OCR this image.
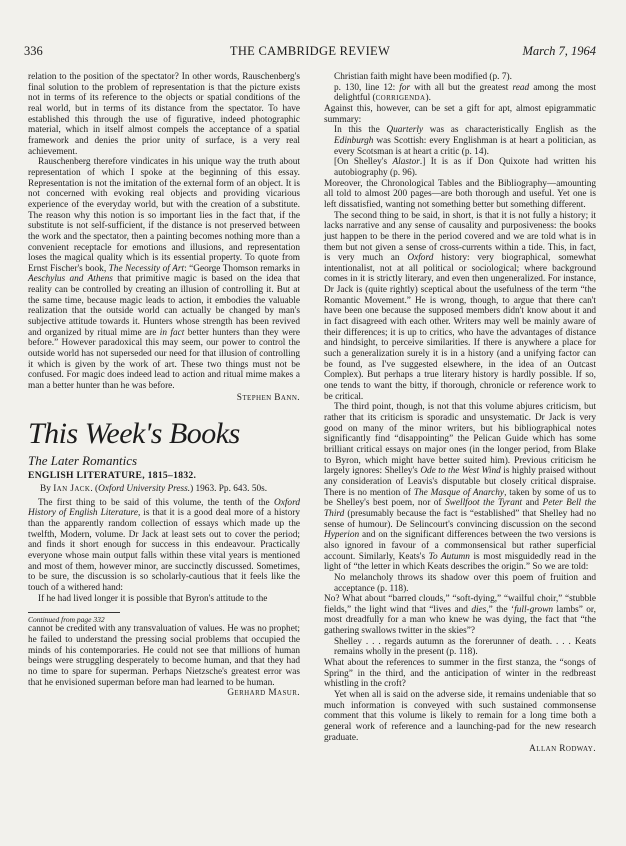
336	THE CAMBRIDGE REVIEW	March 7, 1964

relation to the position of the spectator? In other words, Rauschenberg's final solution to the problem of representation is that the picture exists not in terms of its reference to the objects or spatial conditions of the real world, but in terms of its distance from the spectator. To have established this through the use of figurative, indeed photographic material, which in itself almost compels the acceptance of a spatial framework and denies the prior unity of surface, is a very real achievement.

Rauschenberg therefore vindicates in his unique way the truth about representation of which I spoke at the beginning of this essay. Representation is not the imitation of the external form of an object. It is not concerned with evoking real objects and providing vicarious experience of the everyday world, but with the creation of a substitute. The reason why this notion is so important lies in the fact that, if the substitute is not self-sufficient, if the distance is not preserved between the work and the spectator, then a painting becomes nothing more than a convenient receptacle for emotions and illusions, and representation loses the magical quality which is its essential property. To quote from Ernst Fischer's book, The Necessity of Art: “George Thomson remarks in Aeschylus and Athens that primitive magic is based on the idea that reality can be controlled by creating an illusion of controlling it. But at the same time, because magic leads to action, it embodies the valuable realization that the outside world can actually be changed by man's subjective attitude towards it. Hunters whose strength has been revived and organized by ritual mime are in fact better hunters than they were before.” However paradoxical this may seem, our power to control the outside world has not superseded our need for that illusion of controlling it which is given by the work of art. These two things must not be confused. For magic does indeed lead to action and ritual mime makes a man a better hunter than he was before.

Stephen Bann.

This Week's Books
The Later Romantics
ENGLISH LITERATURE, 1815–1832.

By Ian Jack. (Oxford University Press.) 1963. Pp. 643. 50s.

The first thing to be said of this volume, the tenth of the Oxford History of English Literature, is that it is a good deal more of a history than the apparently random collection of essays which made up the twelfth, Modern, volume. Dr Jack at least sets out to cover the period; and finds it short enough for success in this endeavour. Practically everyone whose main output falls within these vital years is mentioned and most of them, however minor, are succinctly discussed. Sometimes, to be sure, the discussion is so scholarly-cautious that it feels like the touch of a withered hand:

If he had lived longer it is possible that Byron's attitude to the

Continued from page 332

cannot be credited with any transvaluation of values. He was no prophet; he failed to understand the pressing social problems that occupied the minds of his contemporaries. He could not see that millions of human beings were struggling desperately to become human, and that they had no time to spare for superman. Perhaps Nietzsche's greatest error was that he envisioned superman before man had learned to be human.
Gerhard Masur.

Christian faith might have been modified (p. 7).

p. 130, line 12: for with all but the greatest read among the most delightful (corrigenda).

Against this, however, can be set a gift for apt, almost epigrammatic summary:

In this the Quarterly was as characteristically English as the Edinburgh was Scottish: every Englishman is at heart a politician, as every Scotsman is at heart a critic (p. 14).

[On Shelley's Alastor.] It is as if Don Quixote had written his autobiography (p. 96).

Moreover, the Chronological Tables and the Bibliography—amounting all told to almost 200 pages—are both thorough and useful. Yet one is left dissatisfied, wanting not something better but something different.

The second thing to be said, in short, is that it is not fully a history; it lacks narrative and any sense of causality and purposiveness: the books just happen to be there in the period covered and we are told what is in them but not given a sense of cross-currents within a tide. This, in fact, is very much an Oxford history: very biographical, somewhat intentionalist, not at all political or sociological; where background comes in it is strictly literary, and even then ungeneralized. For instance, Dr Jack is (quite rightly) sceptical about the usefulness of the term “the Romantic Movement.” He is wrong, though, to argue that there can't have been one because the supposed members didn't know about it and in fact disagreed with each other. Writers may well be mainly aware of their differences; it is up to critics, who have the advantages of distance and hindsight, to perceive similarities. If there is anywhere a place for such a generalization surely it is in a history (and a unifying factor can be found, as I've suggested elsewhere, in the idea of an Outcast Complex). But perhaps a true literary history is hardly possible. If so, one tends to want the bitty, if thorough, chronicle or reference work to be critical.

The third point, though, is not that this volume abjures criticism, but rather that its criticism is sporadic and unsystematic. Dr Jack is very good on many of the minor writers, but his bibliographical notes significantly find “disappointing” the Pelican Guide which has some brilliant critical essays on major ones (in the longer period, from Blake to Byron, which might have better suited him). Previous criticism he largely ignores: Shelley's Ode to the West Wind is highly praised without any consideration of Leavis's disputable but closely critical dispraise. There is no mention of The Masque of Anarchy, taken by some of us to be Shelley's best poem, nor of Swellfoot the Tyrant and Peter Bell the Third (presumably because the fact is “established” that Shelley had no sense of humour). De Selincourt's convincing discussion on the second Hyperion and on the significant differences between the two versions is also ignored in favour of a commonsensical but rather superficial account. Similarly, Keats's To Autumn is most misguidedly read in the light of “the letter in which Keats describes the origin.” So we are told:

No melancholy throws its shadow over this poem of fruition and acceptance (p. 118).

No? What about “barred clouds,” “soft-dying,” “wailful choir,” “stubble fields,” the light wind that “lives and dies,” the ‘full-grown lambs” or, most dreadfully for a man who knew he was dying, the fact that “the gathering swallows twitter in the skies”?

Shelley . . . regards autumn as the forerunner of death. . . . Keats remains wholly in the present (p. 118).

What about the references to summer in the first stanza, the “songs of Spring” in the third, and the anticipation of winter in the redbreast whistling in the croft?

Yet when all is said on the adverse side, it remains undeniable that so much information is conveyed with such sustained commonsense comment that this volume is likely to remain for a long time both a general work of reference and a launching-pad for the new research graduate.

Allan Rodway.
